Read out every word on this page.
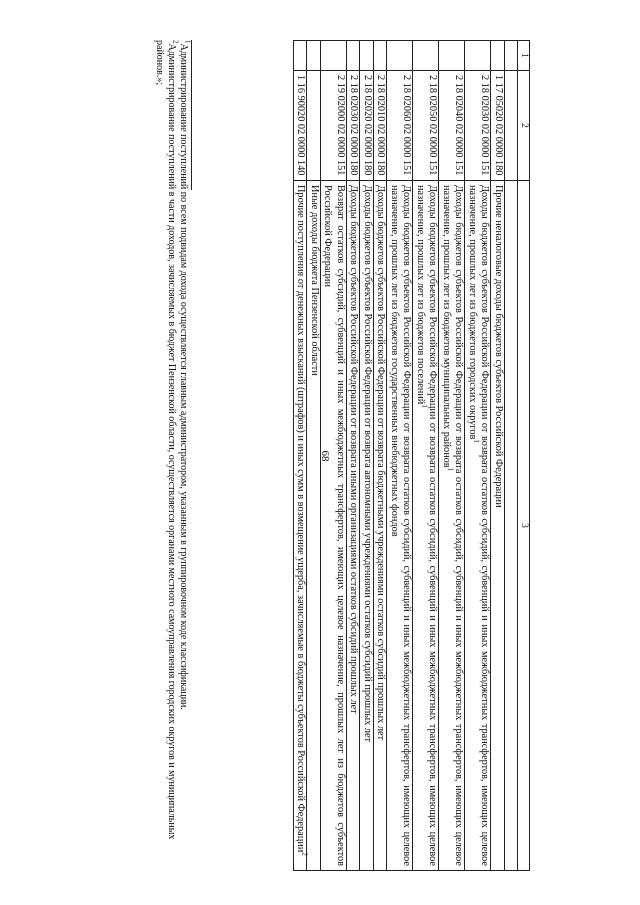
68
1	2	3

	1 17 05020 02 0000 180	Прочие неналоговые доходы бюджетов субъектов Российской Федерации
	2 18 02030 02 0000 151	Доходы бюджетов субъектов Российской Федерации от возврата остатков субсидий, субвенций и иных межбюджетных трансфертов, имеющих целевое назначение, прошлых лет из бюджетов городских округов$^1$
	2 18 02040 02 0000 151	Доходы бюджетов субъектов Российской Федерации от возврата остатков субсидий, субвенций и иных межбюджетных трансфертов, имеющих целевое назначение, прошлых лет из бюджетов муниципальных районов$^1$
	2 18 02050 02 0000 151	Доходы бюджетов субъектов Российской Федерации от возврата остатков субсидий, субвенций и иных межбюджетных трансфертов, имеющих целевое назначение, прошлых лет из бюджетов поселений$^1$
	2 18 02060 02 0000 151	Доходы бюджетов субъектов Российской Федерации от возврата остатков субсидий, субвенций и иных межбюджетных трансфертов, имеющих целевое назначение, прошлых лет из бюджетов государственных внебюджетных фондов
	2 18 02010 02 0000 180	Доходы бюджетов субъектов Российской Федерации от возврата бюджетными учреждениями остатков субсидий прошлых лет
	2 18 02020 02 0000 180	Доходы бюджетов субъектов Российской Федерации от возврата автономными учреждениями остатков субсидий прошлых лет
	2 18 02030 02 0000 180	Доходы бюджетов субъектов Российской Федерации от возврата иными организациями остатков субсидий прошлых лет
	2 19 02000 02 0000 151	Возврат остатков субсидий, субвенций и иных межбюджетных трансфертов, имеющих целевое назначение, прошлых лет из бюджетов субъектов Российской Федерации
		Иные доходы бюджета Пензенской области
	1 16 90020 02 0000 140	Прочие поступления от денежных взысканий (штрафов) и иных сумм в возмещение ущерба, зачисляемые в бюджеты субъектов Российской Федерации$^2$

$^1$Администрирование поступлений по всем подвидам дохода осуществляется главным администратором, указанным в группировочном коде классификации.

$^2$Администрирование поступлений в части доходов, зачисляемых в бюджет Пензенской области, осуществляется органами местного самоуправления городских округов и муниципальных районов.»;
